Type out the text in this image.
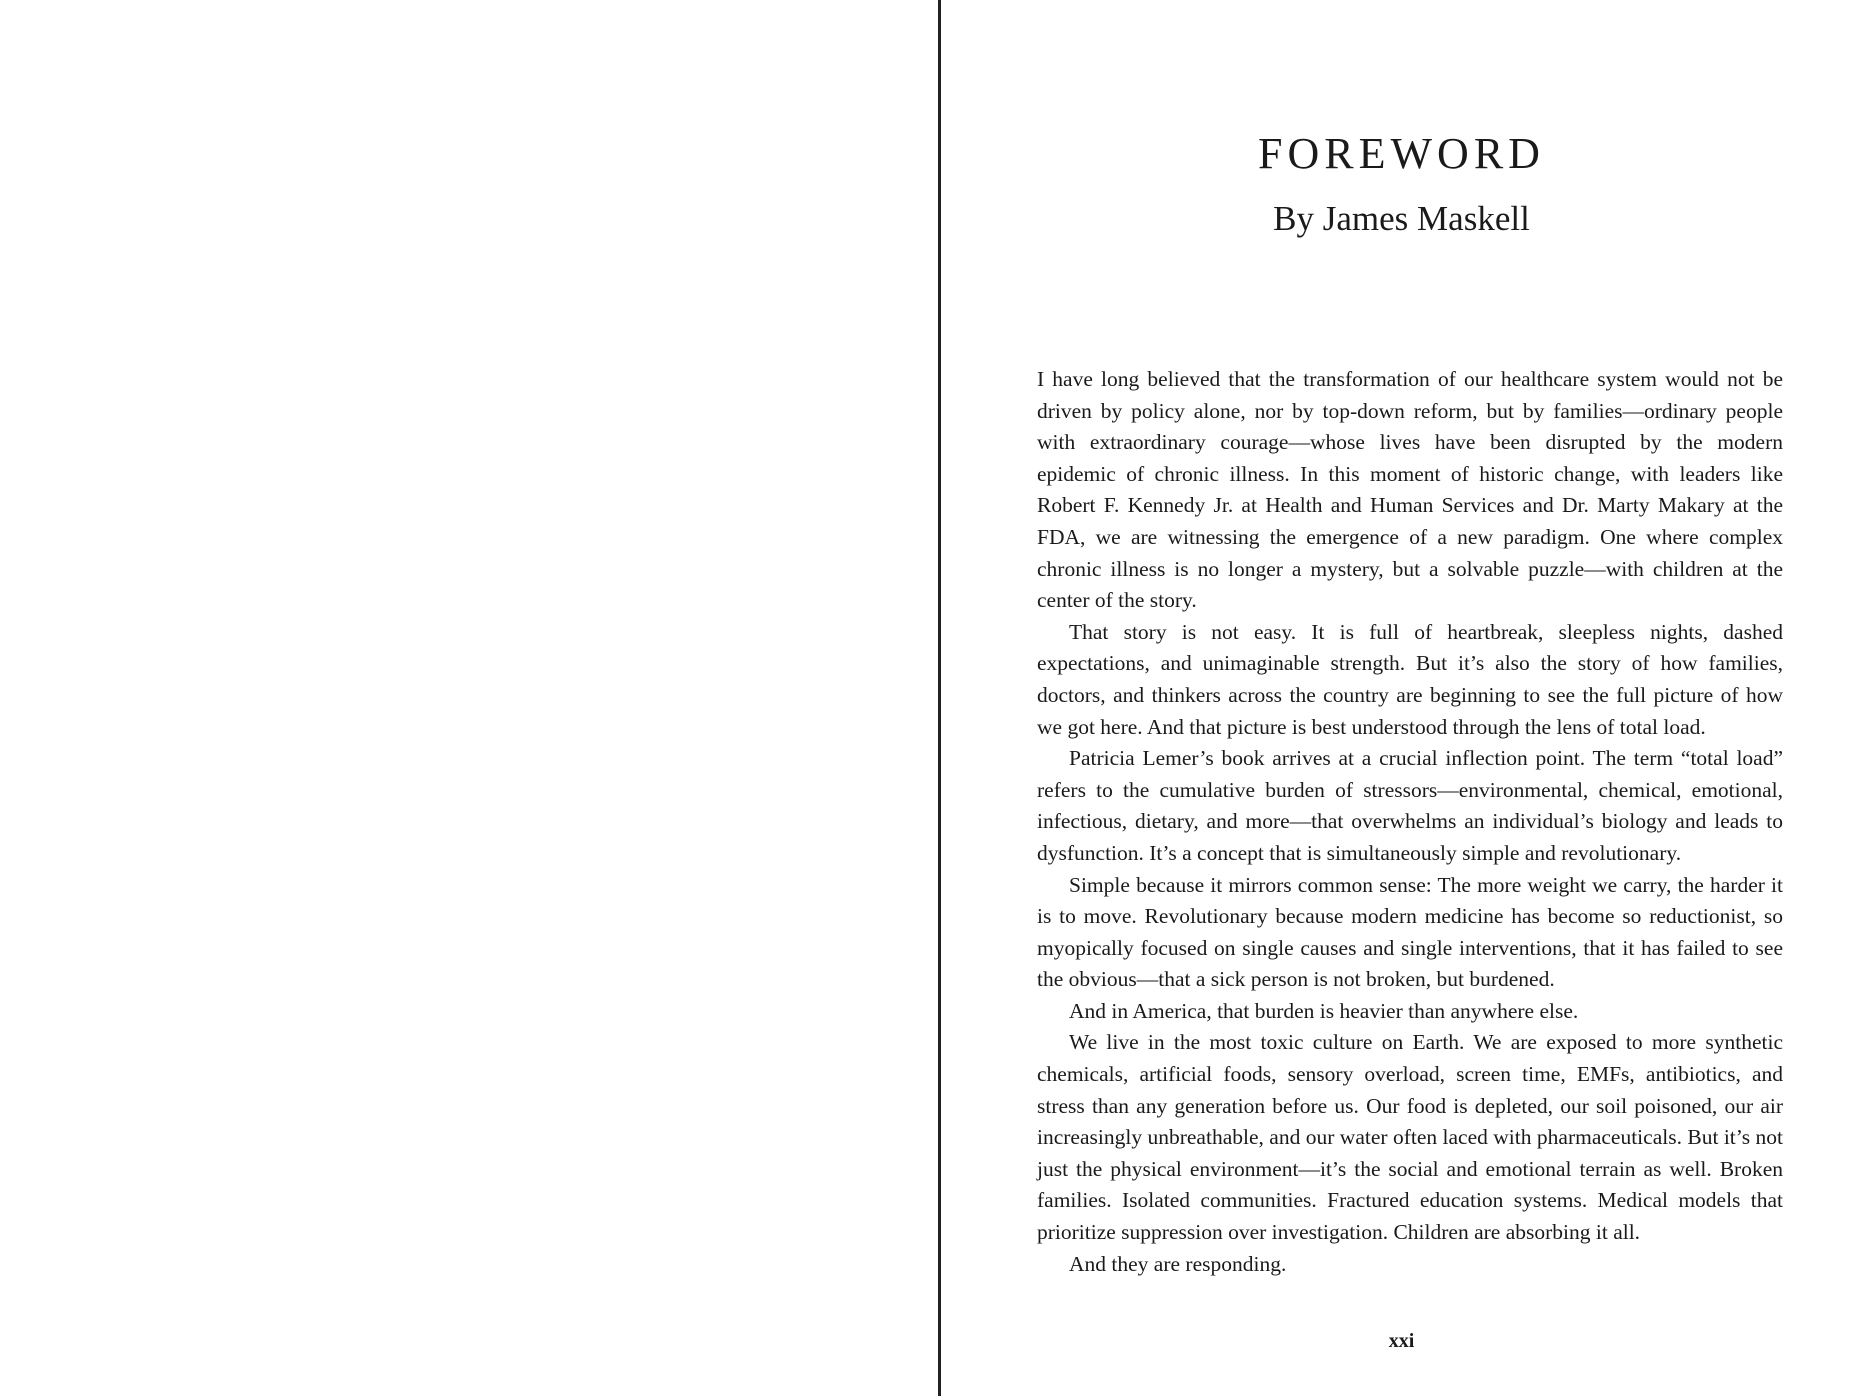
FOREWORD
By James Maskell

I have long believed that the transformation of our healthcare system would not be driven by policy alone, nor by top-down reform, but by families—ordinary people with extraordinary courage—whose lives have been disrupted by the modern epidemic of chronic illness. In this moment of historic change, with leaders like Robert F. Kennedy Jr. at Health and Human Services and Dr. Marty Makary at the FDA, we are witnessing the emergence of a new paradigm. One where complex chronic illness is no longer a mystery, but a solvable puzzle—with children at the center of the story.

That story is not easy. It is full of heartbreak, sleepless nights, dashed expectations, and unimaginable strength. But it’s also the story of how families, doctors, and thinkers across the country are beginning to see the full picture of how we got here. And that picture is best understood through the lens of total load.

Patricia Lemer’s book arrives at a crucial inflection point. The term “total load” refers to the cumulative burden of stressors—environmental, chemical, emotional, infectious, dietary, and more—that overwhelms an individual’s biology and leads to dysfunction. It’s a concept that is simultaneously simple and revolutionary.

Simple because it mirrors common sense: The more weight we carry, the harder it is to move. Revolutionary because modern medicine has become so reductionist, so myopically focused on single causes and single interventions, that it has failed to see the obvious—that a sick person is not broken, but burdened.

And in America, that burden is heavier than anywhere else.

We live in the most toxic culture on Earth. We are exposed to more synthetic chemicals, artificial foods, sensory overload, screen time, EMFs, antibiotics, and stress than any generation before us. Our food is depleted, our soil poisoned, our air increasingly unbreathable, and our water often laced with pharmaceuticals. But it’s not just the physical environment—it’s the social and emotional terrain as well. Broken families. Isolated communities. Fractured education systems. Medical models that prioritize suppression over investigation. Children are absorbing it all.

And they are responding.

xxi
